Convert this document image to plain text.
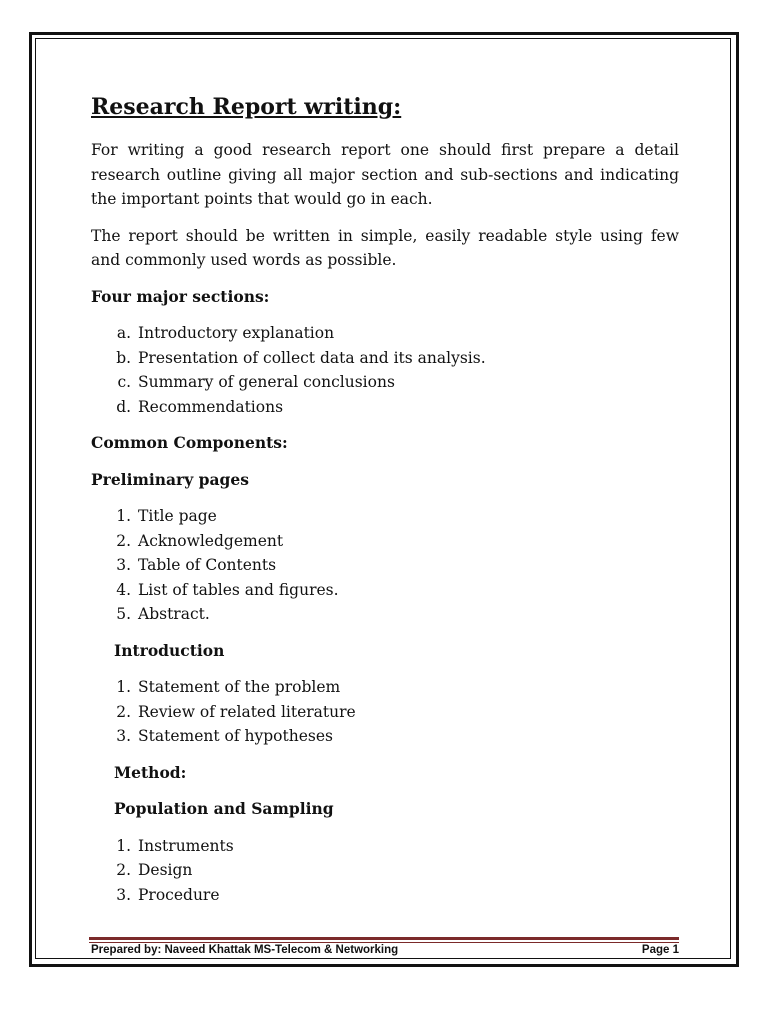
Research Report writing:

For writing a good research report one should first prepare a detail research outline giving all major section and sub-sections and indicating the important points that would go in each.

The report should be written in simple, easily readable style using few and commonly used words as possible.

Four major sections:
a. Introductory explanation
b. Presentation of collect data and its analysis.
c. Summary of general conclusions
d. Recommendations
Common Components:
Preliminary pages
1. Title page
2. Acknowledgement
3. Table of Contents
4. List of tables and figures.
5. Abstract.
Introduction
1. Statement of the problem
2. Review of related literature
3. Statement of hypotheses
Method:
Population and Sampling
1. Instruments
2. Design
3. Procedure
Prepared by: Naveed Khattak MS-Telecom & Networking	Page 1
